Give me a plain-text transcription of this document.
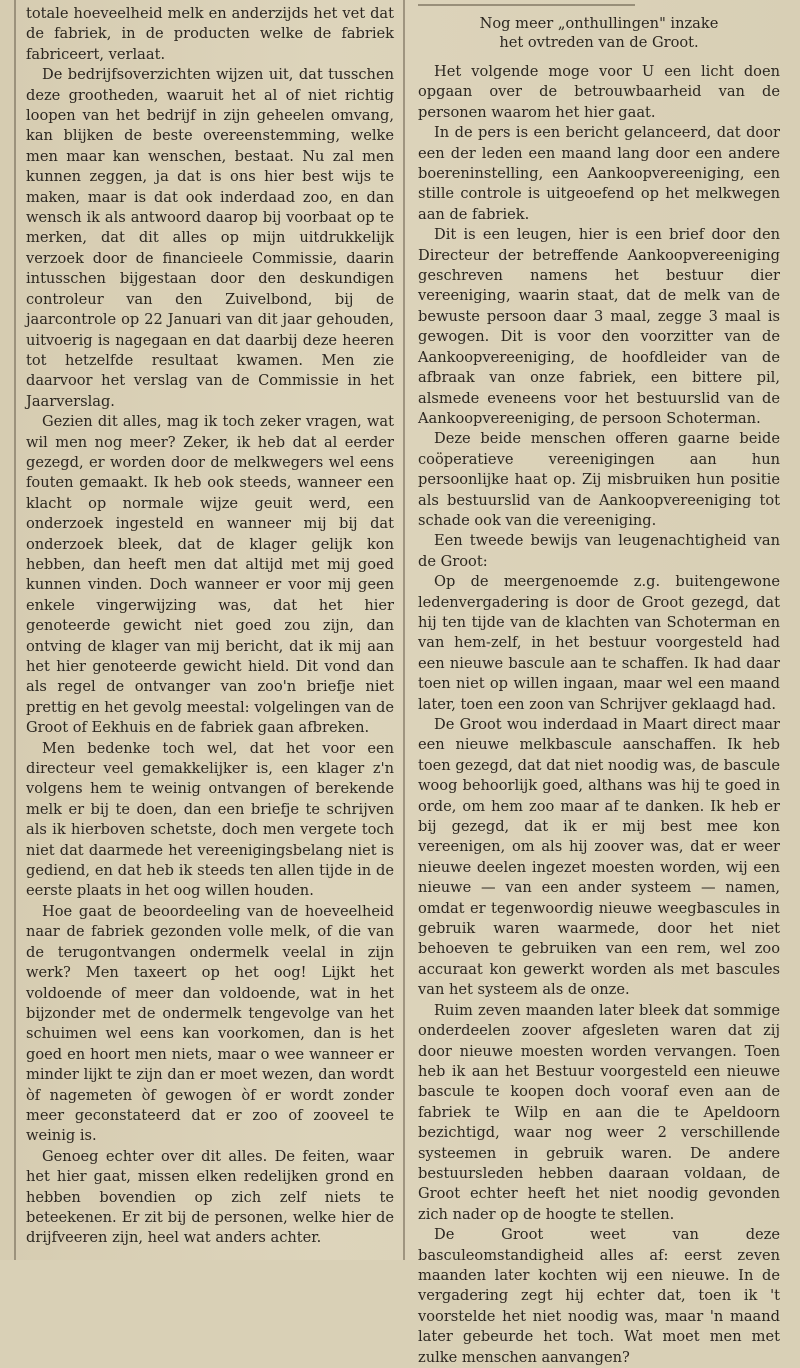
totale hoeveelheid melk en anderzijds het vet dat de fabriek, in de producten welke de fabriek fabriceert, verlaat.

De bedrijfsoverzichten wijzen uit, dat tusschen deze grootheden, waaruit het al of niet richtig loopen van het bedrijf in zijn geheelen omvang, kan blijken de beste overeenstemming, welke men maar kan wenschen, bestaat. Nu zal men kunnen zeggen, ja dat is ons hier best wijs te maken, maar is dat ook inderdaad zoo, en dan wensch ik als antwoord daarop bij voorbaat op te merken, dat dit alles op mijn uitdrukkelijk verzoek door de financieele Commissie, daarin intusschen bijgestaan door den deskundigen controleur van den Zuivelbond, bij de jaarcontrole op 22 Januari van dit jaar gehouden, uitvoerig is nagegaan en dat daarbij deze heeren tot hetzelfde resultaat kwamen. Men zie daarvoor het verslag van de Commissie in het Jaarverslag.

Gezien dit alles, mag ik toch zeker vragen, wat wil men nog meer? Zeker, ik heb dat al eerder gezegd, er worden door de melkwegers wel eens fouten gemaakt. Ik heb ook steeds, wanneer een klacht op normale wijze geuit werd, een onderzoek ingesteld en wanneer mij bij dat onderzoek bleek, dat de klager gelijk kon hebben, dan heeft men dat altijd met mij goed kunnen vinden. Doch wanneer er voor mij geen enkele vingerwijzing was, dat het hier genoteerde gewicht niet goed zou zijn, dan ontving de klager van mij bericht, dat ik mij aan het hier genoteerde gewicht hield. Dit vond dan als regel de ontvanger van zoo'n briefje niet prettig en het gevolg meestal: volgelingen van de Groot of Eekhuis en de fabriek gaan afbreken.

Men bedenke toch wel, dat het voor een directeur veel gemakkelijker is, een klager z'n volgens hem te weinig ontvangen of berekende melk er bij te doen, dan een briefje te schrijven als ik hierboven schetste, doch men vergete toch niet dat daarmede het vereenigingsbelang niet is gediend, en dat heb ik steeds ten allen tijde in de eerste plaats in het oog willen houden.

Hoe gaat de beoordeeling van de hoeveelheid naar de fabriek gezonden volle melk, of die van de terugontvangen ondermelk veelal in zijn werk? Men taxeert op het oog! Lijkt het voldoende of meer dan voldoende, wat in het bijzonder met de ondermelk tengevolge van het schuimen wel eens kan voorkomen, dan is het goed en hoort men niets, maar o wee wanneer er minder lijkt te zijn dan er moet wezen, dan wordt òf nagemeten òf gewogen òf er wordt zonder meer geconstateerd dat er zoo of zooveel te weinig is.

Genoeg echter over dit alles. De feiten, waar het hier gaat, missen elken redelijken grond en hebben bovendien op zich zelf niets te beteekenen. Er zit bij de personen, welke hier de drijfveeren zijn, heel wat anders achter.

Nog meer „onthullingen" inzake
het ovtreden van de Groot.

Het volgende moge voor U een licht doen opgaan over de betrouwbaarheid van de personen waarom het hier gaat.

In de pers is een bericht gelanceerd, dat door een der leden een maand lang door een andere boereninstelling, een Aankoopvereeniging, een stille controle is uitgeoefend op het melkwegen aan de fabriek.

Dit is een leugen, hier is een brief door den Directeur der betreffende Aankoopvereeniging geschreven namens het bestuur dier vereeniging, waarin staat, dat de melk van de bewuste persoon daar 3 maal, zegge 3 maal is gewogen. Dit is voor den voorzitter van de Aankoopvereeniging, de hoofdleider van de afbraak van onze fabriek, een bittere pil, alsmede eveneens voor het bestuurslid van de Aankoopvereeniging, de persoon Schoterman.

Deze beide menschen offeren gaarne beide coöperatieve vereenigingen aan hun persoonlijke haat op. Zij misbruiken hun positie als bestuurslid van de Aankoopvereeniging tot schade ook van die vereeniging.

Een tweede bewijs van leugenachtigheid van de Groot:

Op de meergenoemde z.g. buitengewone ledenvergadering is door de Groot gezegd, dat hij ten tijde van de klachten van Schoterman en van hem-zelf, in het bestuur voorgesteld had een nieuwe bascule aan te schaffen. Ik had daar toen niet op willen ingaan, maar wel een maand later, toen een zoon van Schrijver geklaagd had.

De Groot wou inderdaad in Maart direct maar een nieuwe melkbascule aanschaffen. Ik heb toen gezegd, dat dat niet noodig was, de bascule woog behoorlijk goed, althans was hij te goed in orde, om hem zoo maar af te danken. Ik heb er bij gezegd, dat ik er mij best mee kon vereenigen, om als hij zoover was, dat er weer nieuwe deelen ingezet moesten worden, wij een nieuwe — van een ander systeem — namen, omdat er tegenwoordig nieuwe weegbascules in gebruik waren waarmede, door het niet behoeven te gebruiken van een rem, wel zoo accuraat kon gewerkt worden als met bascules van het systeem als de onze.

Ruim zeven maanden later bleek dat sommige onderdeelen zoover afgesleten waren dat zij door nieuwe moesten worden vervangen. Toen heb ik aan het Bestuur voorgesteld een nieuwe bascule te koopen doch vooraf even aan de fabriek te Wilp en aan die te Apeldoorn bezichtigd, waar nog weer 2 verschillende systeemen in gebruik waren. De andere bestuursleden hebben daaraan voldaan, de Groot echter heeft het niet noodig gevonden zich nader op de hoogte te stellen.

De Groot weet van deze basculeomstandigheid alles af: eerst zeven maanden later kochten wij een nieuwe. In de vergadering zegt hij echter dat, toen ik 't voorstelde het niet noodig was, maar 'n maand later gebeurde het toch. Wat moet men met zulke menschen aanvangen?
